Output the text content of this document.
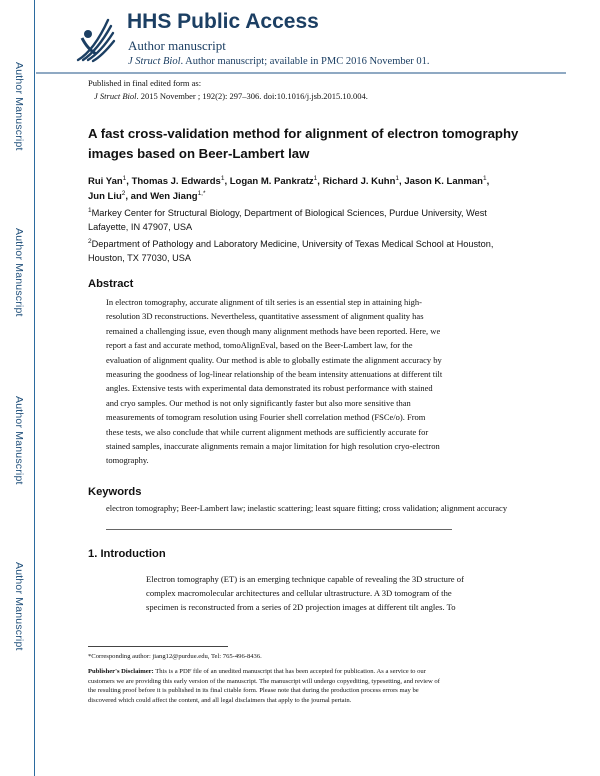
Author Manuscript
Author Manuscript
Author Manuscript
Author Manuscript
HHS Public Access
Author manuscript
J Struct Biol. Author manuscript; available in PMC 2016 November 01.
Published in final edited form as:
J Struct Biol. 2015 November ; 192(2): 297–306. doi:10.1016/j.jsb.2015.10.004.
A fast cross-validation method for alignment of electron tomography images based on Beer-Lambert law
Rui Yan$^1$, Thomas J. Edwards$^1$, Logan M. Pankratz$^1$, Richard J. Kuhn$^1$, Jason K. Lanman$^1$,
Jun Liu$^2$, and Wen Jiang$^{1,*}$
$^1$Markey Center for Structural Biology, Department of Biological Sciences, Purdue University, West Lafayette, IN 47907, USA
$^2$Department of Pathology and Laboratory Medicine, University of Texas Medical School at Houston, Houston, TX 77030, USA
Abstract
In electron tomography, accurate alignment of tilt series is an essential step in attaining high-
resolution 3D reconstructions. Nevertheless, quantitative assessment of alignment quality has
remained a challenging issue, even though many alignment methods have been reported. Here, we
report a fast and accurate method, tomoAlignEval, based on the Beer-Lambert law, for the
evaluation of alignment quality. Our method is able to globally estimate the alignment accuracy by
measuring the goodness of log-linear relationship of the beam intensity attenuations at different tilt
angles. Extensive tests with experimental data demonstrated its robust performance with stained
and cryo samples. Our method is not only significantly faster but also more sensitive than
measurements of tomogram resolution using Fourier shell correlation method (FSCe/o). From
these tests, we also conclude that while current alignment methods are sufficiently accurate for
stained samples, inaccurate alignments remain a major limitation for high resolution cryo-electron
tomography.
Keywords
electron tomography; Beer-Lambert law; inelastic scattering; least square fitting; cross validation; alignment accuracy
1. Introduction
Electron tomography (ET) is an emerging technique capable of revealing the 3D structure of
complex macromolecular architectures and cellular ultrastructure. A 3D tomogram of the
specimen is reconstructed from a series of 2D projection images at different tilt angles. To
*Corresponding author: jiang12@purdue.edu, Tel: 765-496-8436.
Publisher's Disclaimer: This is a PDF file of an unedited manuscript that has been accepted for publication. As a service to our
customers we are providing this early version of the manuscript. The manuscript will undergo copyediting, typesetting, and review of
the resulting proof before it is published in its final citable form. Please note that during the production process errors may be
discovered which could affect the content, and all legal disclaimers that apply to the journal pertain.
